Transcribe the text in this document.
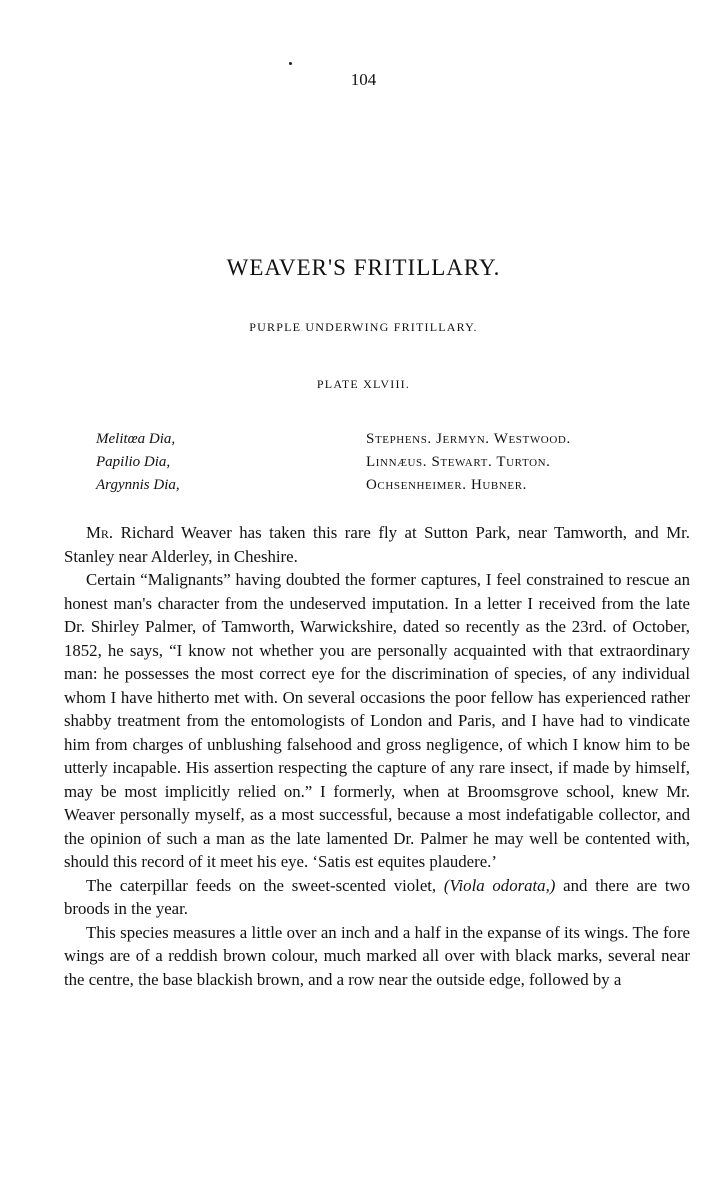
104
WEAVER'S FRITILLARY.
PURPLE UNDERWING FRITILLARY.
PLATE XLVIII.
Melitœa Dia,	Stephens. Jermyn. Westwood.
Papilio Dia,	Linnæus. Stewart. Turton.
Argynnis Dia,	Ochsenheimer. Hubner.

Mr. Richard Weaver has taken this rare fly at Sutton Park, near Tamworth, and Mr. Stanley near Alderley, in Cheshire.

Certain “Malignants” having doubted the former captures, I feel constrained to rescue an honest man's character from the undeserved imputation. In a letter I received from the late Dr. Shirley Palmer, of Tamworth, Warwickshire, dated so recently as the 23rd. of October, 1852, he says, “I know not whether you are personally acquainted with that extraordinary man: he possesses the most correct eye for the discrimination of species, of any individual whom I have hitherto met with. On several occasions the poor fellow has experienced rather shabby treatment from the entomologists of London and Paris, and I have had to vindicate him from charges of unblushing falsehood and gross negligence, of which I know him to be utterly incapable. His assertion respecting the capture of any rare insect, if made by himself, may be most implicitly relied on.” I formerly, when at Broomsgrove school, knew Mr. Weaver personally myself, as a most successful, because a most indefatigable collector, and the opinion of such a man as the late lamented Dr. Palmer he may well be contented with, should this record of it meet his eye. ‘Satis est equites plaudere.’

The caterpillar feeds on the sweet-scented violet, (Viola odorata,) and there are two broods in the year.

This species measures a little over an inch and a half in the expanse of its wings. The fore wings are of a reddish brown colour, much marked all over with black marks, several near the centre, the base blackish brown, and a row near the outside edge, followed by a
